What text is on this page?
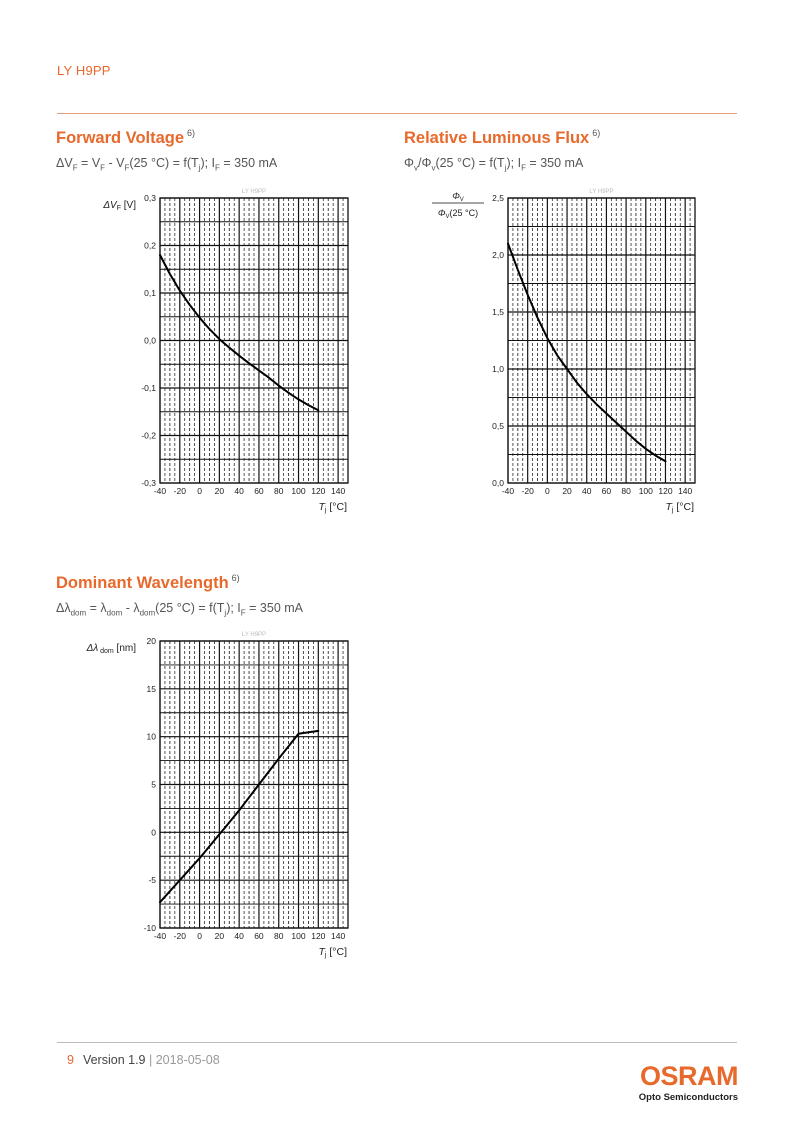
LY H9PP
Forward Voltage $^{6)}$
$\Delta V_F = V_F - V_F(25$ $^\circ C) = f(T_j)$; $I_F = 350$ mA
LY H9PP
-0,3
-0,2
-0,1
0,0
0,1
0,2
0,3
-40 -20 0 20 40 60 80 100 120 140
Tj [°C]
$\Delta V_F$ [V]
LY H9PP
0,0
0,5
1,0
1,5
2,0
2,5
-40 -20 0 20 40 60 80 100 120 140
Tj [°C]
$\Phi_V$
$\Phi_V(25$ °C)
LY H9PP
-10
-5
0
5
10
15
20
-40 -20 0 20 40 60 80 100 120 140
Tj [°C]
Δλ $_{dom}$ [nm]
Relative Luminous Flux $^{6)}$
$\Phi_v/\Phi_v(25$ $^\circ C) = f(T_j)$; $I_F = 350$ mA
Dominant Wavelength $^{6)}$
$\Delta\lambda_{dom} = \lambda_{dom} - \lambda_{dom}(25$ $^\circ C) = f(T_j)$; $I_F = 350$ mA
9 Version 1.9 | 2018-05-08
OSRAM
Opto Semiconductors
